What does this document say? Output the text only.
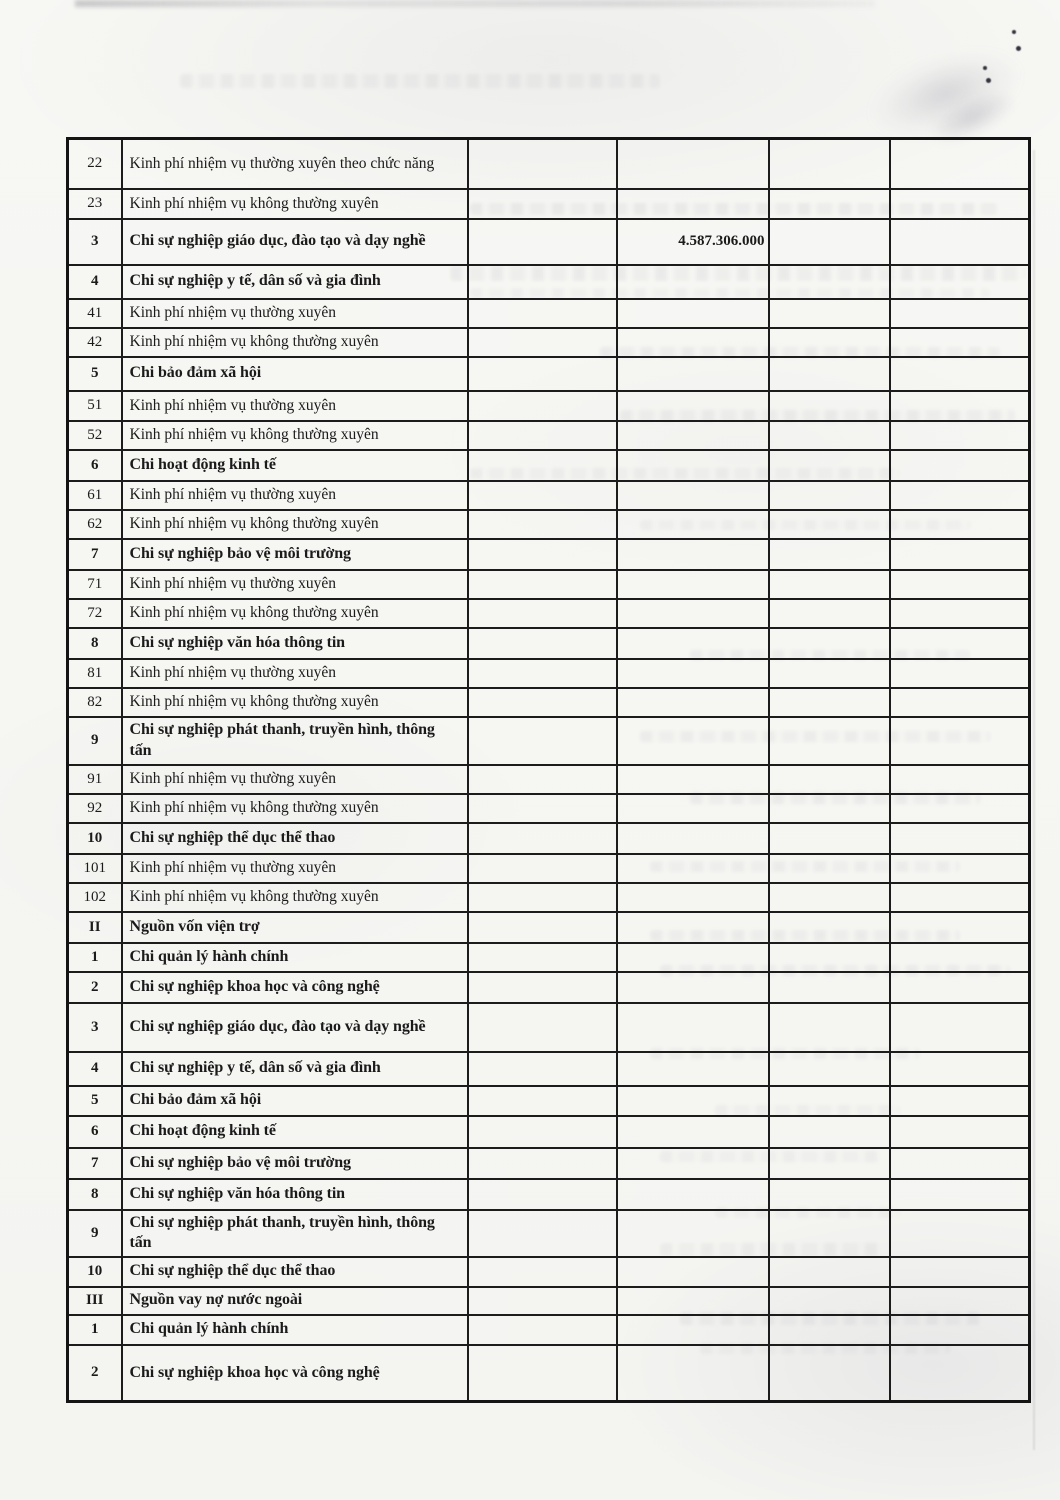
22	Kinh phí nhiệm vụ thường xuyên theo chức năng				
23	Kinh phí nhiệm vụ không thường xuyên				
3	Chi sự nghiệp giáo dục, đào tạo và dạy nghề		4.587.306.000		
4	Chi sự nghiệp y tế, dân số và gia đình				
41	Kinh phí nhiệm vụ thường xuyên				
42	Kinh phí nhiệm vụ không thường xuyên				
5	Chi bảo đảm xã hội				
51	Kinh phí nhiệm vụ thường xuyên				
52	Kinh phí nhiệm vụ không thường xuyên				
6	Chi hoạt động kinh tế				
61	Kinh phí nhiệm vụ thường xuyên				
62	Kinh phí nhiệm vụ không thường xuyên				
7	Chi sự nghiệp bảo vệ môi trường				
71	Kinh phí nhiệm vụ thường xuyên				
72	Kinh phí nhiệm vụ không thường xuyên				
8	Chi sự nghiệp văn hóa thông tin				
81	Kinh phí nhiệm vụ thường xuyên				
82	Kinh phí nhiệm vụ không thường xuyên				
9	Chi sự nghiệp phát thanh, truyền hình, thông tấn				
91	Kinh phí nhiệm vụ thường xuyên				
92	Kinh phí nhiệm vụ không thường xuyên				
10	Chi sự nghiệp thể dục thể thao				
101	Kinh phí nhiệm vụ thường xuyên				
102	Kinh phí nhiệm vụ không thường xuyên				
II	Nguồn vốn viện trợ				
1	Chi quản lý hành chính				
2	Chi sự nghiệp khoa học và công nghệ				
3	Chi sự nghiệp giáo dục, đào tạo và dạy nghề				
4	Chi sự nghiệp y tế, dân số và gia đình				
5	Chi bảo đảm xã hội				
6	Chi hoạt động kinh tế				
7	Chi sự nghiệp bảo vệ môi trường				
8	Chi sự nghiệp văn hóa thông tin				
9	Chi sự nghiệp phát thanh, truyền hình, thông tấn				
10	Chi sự nghiệp thể dục thể thao				
III	Nguồn vay nợ nước ngoài				
1	Chi quản lý hành chính				
2	Chi sự nghiệp khoa học và công nghệ				
